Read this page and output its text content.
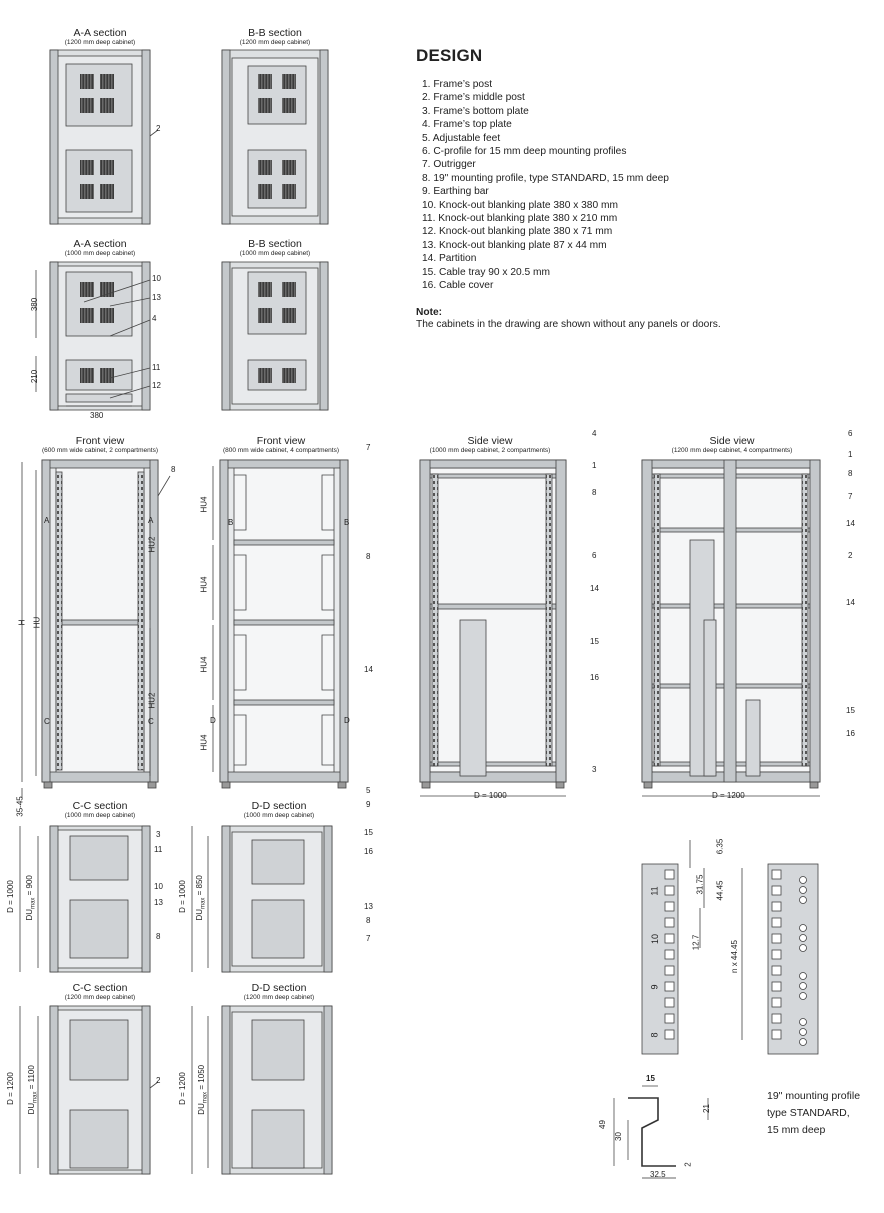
A-A section
(1200 mm deep cabinet)
B-B section
(1200 mm deep cabinet)
A-A section
(1000 mm deep cabinet)
B-B section
(1000 mm deep cabinet)
Front view
(600 mm wide cabinet, 2 compartments)
Front view
(800 mm wide cabinet, 4 compartments)
Side view
(1000 mm deep cabinet, 2 compartments)
Side view
(1200 mm deep cabinet, 4 compartments)
C-C section
(1000 mm deep cabinet)
D-D section
(1000 mm deep cabinet)
C-C section
(1200 mm deep cabinet)
D-D section
(1200 mm deep cabinet)
DESIGN
1. Frame’s post
2. Frame’s middle post
3. Frame’s bottom plate
4. Frame’s top plate
5. Adjustable feet
6. C-profile for 15 mm deep mounting profiles
7. Outrigger
8. 19" mounting profile, type STANDARD, 15 mm deep
9. Earthing bar
10. Knock-out blanking plate 380 x 380 mm
11. Knock-out blanking plate 380 x 210 mm
12. Knock-out blanking plate 380 x 71 mm
13. Knock-out blanking plate 87 x 44 mm
14. Partition
15. Cable tray 90 x 20.5 mm
16. Cable cover
Note:
The cabinets in the drawing are shown without any panels or doors.
380
210
380
H HU
HU2
HU2
HU4
HU4
HU4
HU4
35-45
A	A
C	C
B	B
D	D
D = 1000	D = 1200
D = 1000
$DU_{max} = 900$	D = 1000
$DU_{max} = 850$
D = 1200
$DU_{max} = 1100$	D = 1200
$DU_{max} = 1050$
6.35
31.75 44.45
12.7	n x 44.45
11
10
9
8
15
21
49
30
2
32.5
2
10
13
4
11
12
8
7
8
14
5
4
1
8
6
14
15
16
3
6
1
8
7
14
2
14
15
16
3
11
10
13
8
9
15
16
13
8
7
2
19" mounting profile
type STANDARD,
15 mm deep
